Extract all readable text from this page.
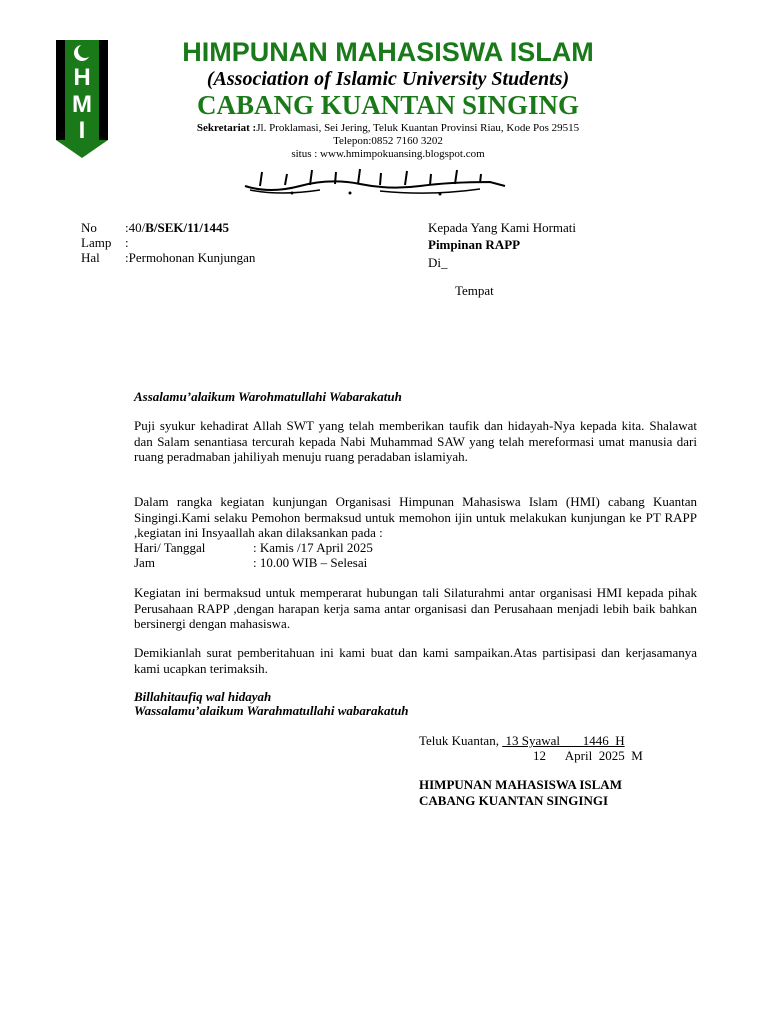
H
M
I
HIMPUNAN MAHASISWA ISLAM
(Association of Islamic University Students)
CABANG KUANTAN SINGING
Sekretariat :Jl. Proklamasi, Sei Jering, Teluk Kuantan Provinsi Riau, Kode Pos 29515
Telepon:0852 7160 3202
situs : www.hmimpokuansing.blogspot.com
No :40/B/SEK/11/1445
Lamp :
Hal :Permohonan Kunjungan
Kepada Yang Kami Hormati
Pimpinan RAPP
Di_
Tempat
Assalamu’alaikum Warohmatullahi Wabarakatuh
Puji syukur kehadirat Allah SWT yang telah memberikan taufik dan hidayah-Nya kepada kita. Shalawat dan Salam senantiasa tercurah kepada Nabi Muhammad SAW yang telah mereformasi umat manusia dari ruang peradmaban jahiliyah menuju ruang peradaban islamiyah.
Dalam rangka kegiatan kunjungan Organisasi Himpunan Mahasiswa Islam (HMI) cabang Kuantan Singingi.Kami selaku Pemohon bermaksud untuk memohon ijin untuk melakukan kunjungan ke PT RAPP ,kegiatan ini Insyaallah akan dilaksankan pada :
Hari/ Tanggal	: Kamis /17 April 2025
Jam	: 10.00 WIB – Selesai
Kegiatan ini bermaksud untuk memperarat hubungan tali Silaturahmi antar organisasi HMI kepada pihak Perusahaan RAPP ,dengan harapan kerja sama antar organisasi dan Perusahaan menjadi lebih baik bahkan bersinergi dengan mahasiswa.
Demikianlah surat pemberitahuan ini kami buat dan kami sampaikan.Atas partisipasi dan kerjasamanya kami ucapkan terimaksih.
Billahitaufiq wal hidayah
Wassalamu’alaikum Warahmatullahi wabarakatuh
Teluk Kuantan,  13 Syawal       1446  H
12      April  2025  M
HIMPUNAN MAHASISWA ISLAM
CABANG KUANTAN SINGINGI
